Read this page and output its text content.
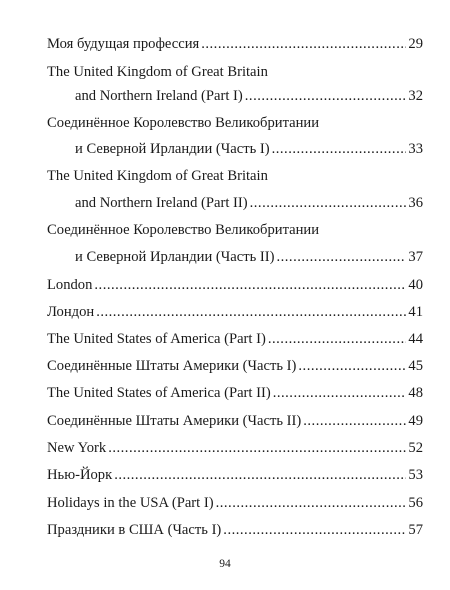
Моя будущая профессия .....	29
The United Kingdom of Great Britain
and Northern Ireland (Part I) .....	32
Соединённое Королевство Великобритании
и Северной Ирландии (Часть I) .....	33
The United Kingdom of Great Britain
and Northern Ireland (Part II) .....	36
Соединённое Королевство Великобритании
и Северной Ирландии (Часть II) .....	37
London .....	40
Лондон .....	41
The United States of America (Part I) .....	44
Соединённые Штаты Америки (Часть I) .....	45
The United States of America (Part II) .....	48
Соединённые Штаты Америки (Часть II) .....	49
New York .....	52
Нью-Йорк .....	53
Holidays in the USA (Part I) .....	56
Праздники в США (Часть I) .....	57
94
